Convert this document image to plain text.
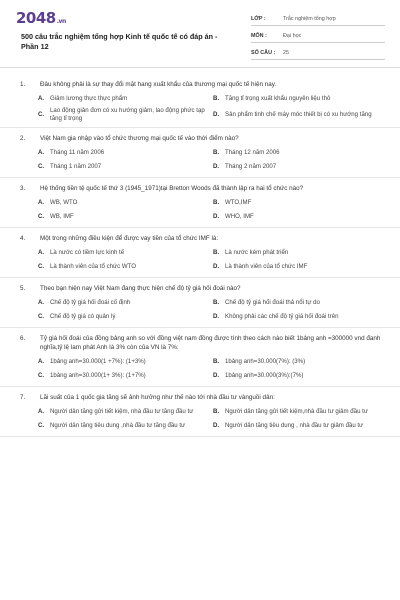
2048.vn
500 câu trắc nghiệm tổng hợp Kinh tế quốc tế có đáp án - Phần 12
LỚP :	Trắc nghiệm tổng hợp
MÔN :	Đại học
SỐ CÂU :	25
1.	Đâu không phải là sự thay đổi mặt hang xuất khẩu của thương mại quốc tế hiện nay.
A. Giảm lương thực thực phẩm	B. Tăng tỉ trọng xuất khẩu nguyên liệu thô
C.
Lao động giản đơn có xu hướng giảm, lao động phức tạp tăng tỉ trọng
D. Sản phẩm tinh chế máy móc thiết bị có xu hướng tăng
2.	Việt Nam gia nhập vào tổ chức thương mại quốc tế vào thời điểm nào?
A. Tháng 11 năm 2006	B. Tháng 12 năm 2006
C. Tháng 1 năm 2007	D. Tháng 2 năm 2007
3.	Hệ thống tiền tệ quốc tế thứ 3 (1945_1971)tại Bretton Woods đã thành lập ra hai tổ chức nào?
A. WB, WTO	B. WTO,IMF
C. WB, IMF	D. WHO, IMF
4.	Một trong những điều kiện để được vay tiền của tổ chức IMF là:
A. Là nước có tiềm lực kinh tế	B. Là nước kém phát triển
C. Là thành viên của tổ chức WTO	D. Là thành viên của tổ chức IMF
5.	Theo bạn hiện nay Việt Nam đang thực hiện chế độ tỷ giá hối đoái nào?
A. Chế độ tỷ giá hối đoái cố định	B. Chế độ tỷ giá hối đoái thả nổi tự do
C. Chế độ tỷ giá có quản lý	D. Không phải các chế độ tỷ giá hối đoái trên
6.	Tỷ giá hối đoái của đồng bảng anh so với đồng việt nam đồng được tính theo cách nào biết 1bảng anh =300000 vnd đanh nghĩa,tỷ lệ lam phát Anh là 3% còn của VN là 7%:
A. 1bảng anh=30.000(1 +7%): (1+3%)	B. 1bảng anh=30.000(7%): (3%)
C. 1bảng anh=30.000(1+ 3%): (1+7%)	D. 1bảng anh=30.000(3%):(7%)
7.	Lãi suất của 1 quốc gia tăng sẽ ảnh hưởng như thế nào tới nhà đầu tư vànguồi dân:
A. Người dân tăng gửi tiết kiệm, nhà đầu tư tăng đầu tư	B. Người dân tăng gửi tiết kiệm,nhà đầu tư giảm đầu tư
C. Người dân tăng tiêu dung ,nhà đầu tư tăng đầu tư	D. Người dân tăng tiêu dung , nhà đầu tư giảm đầu tư
